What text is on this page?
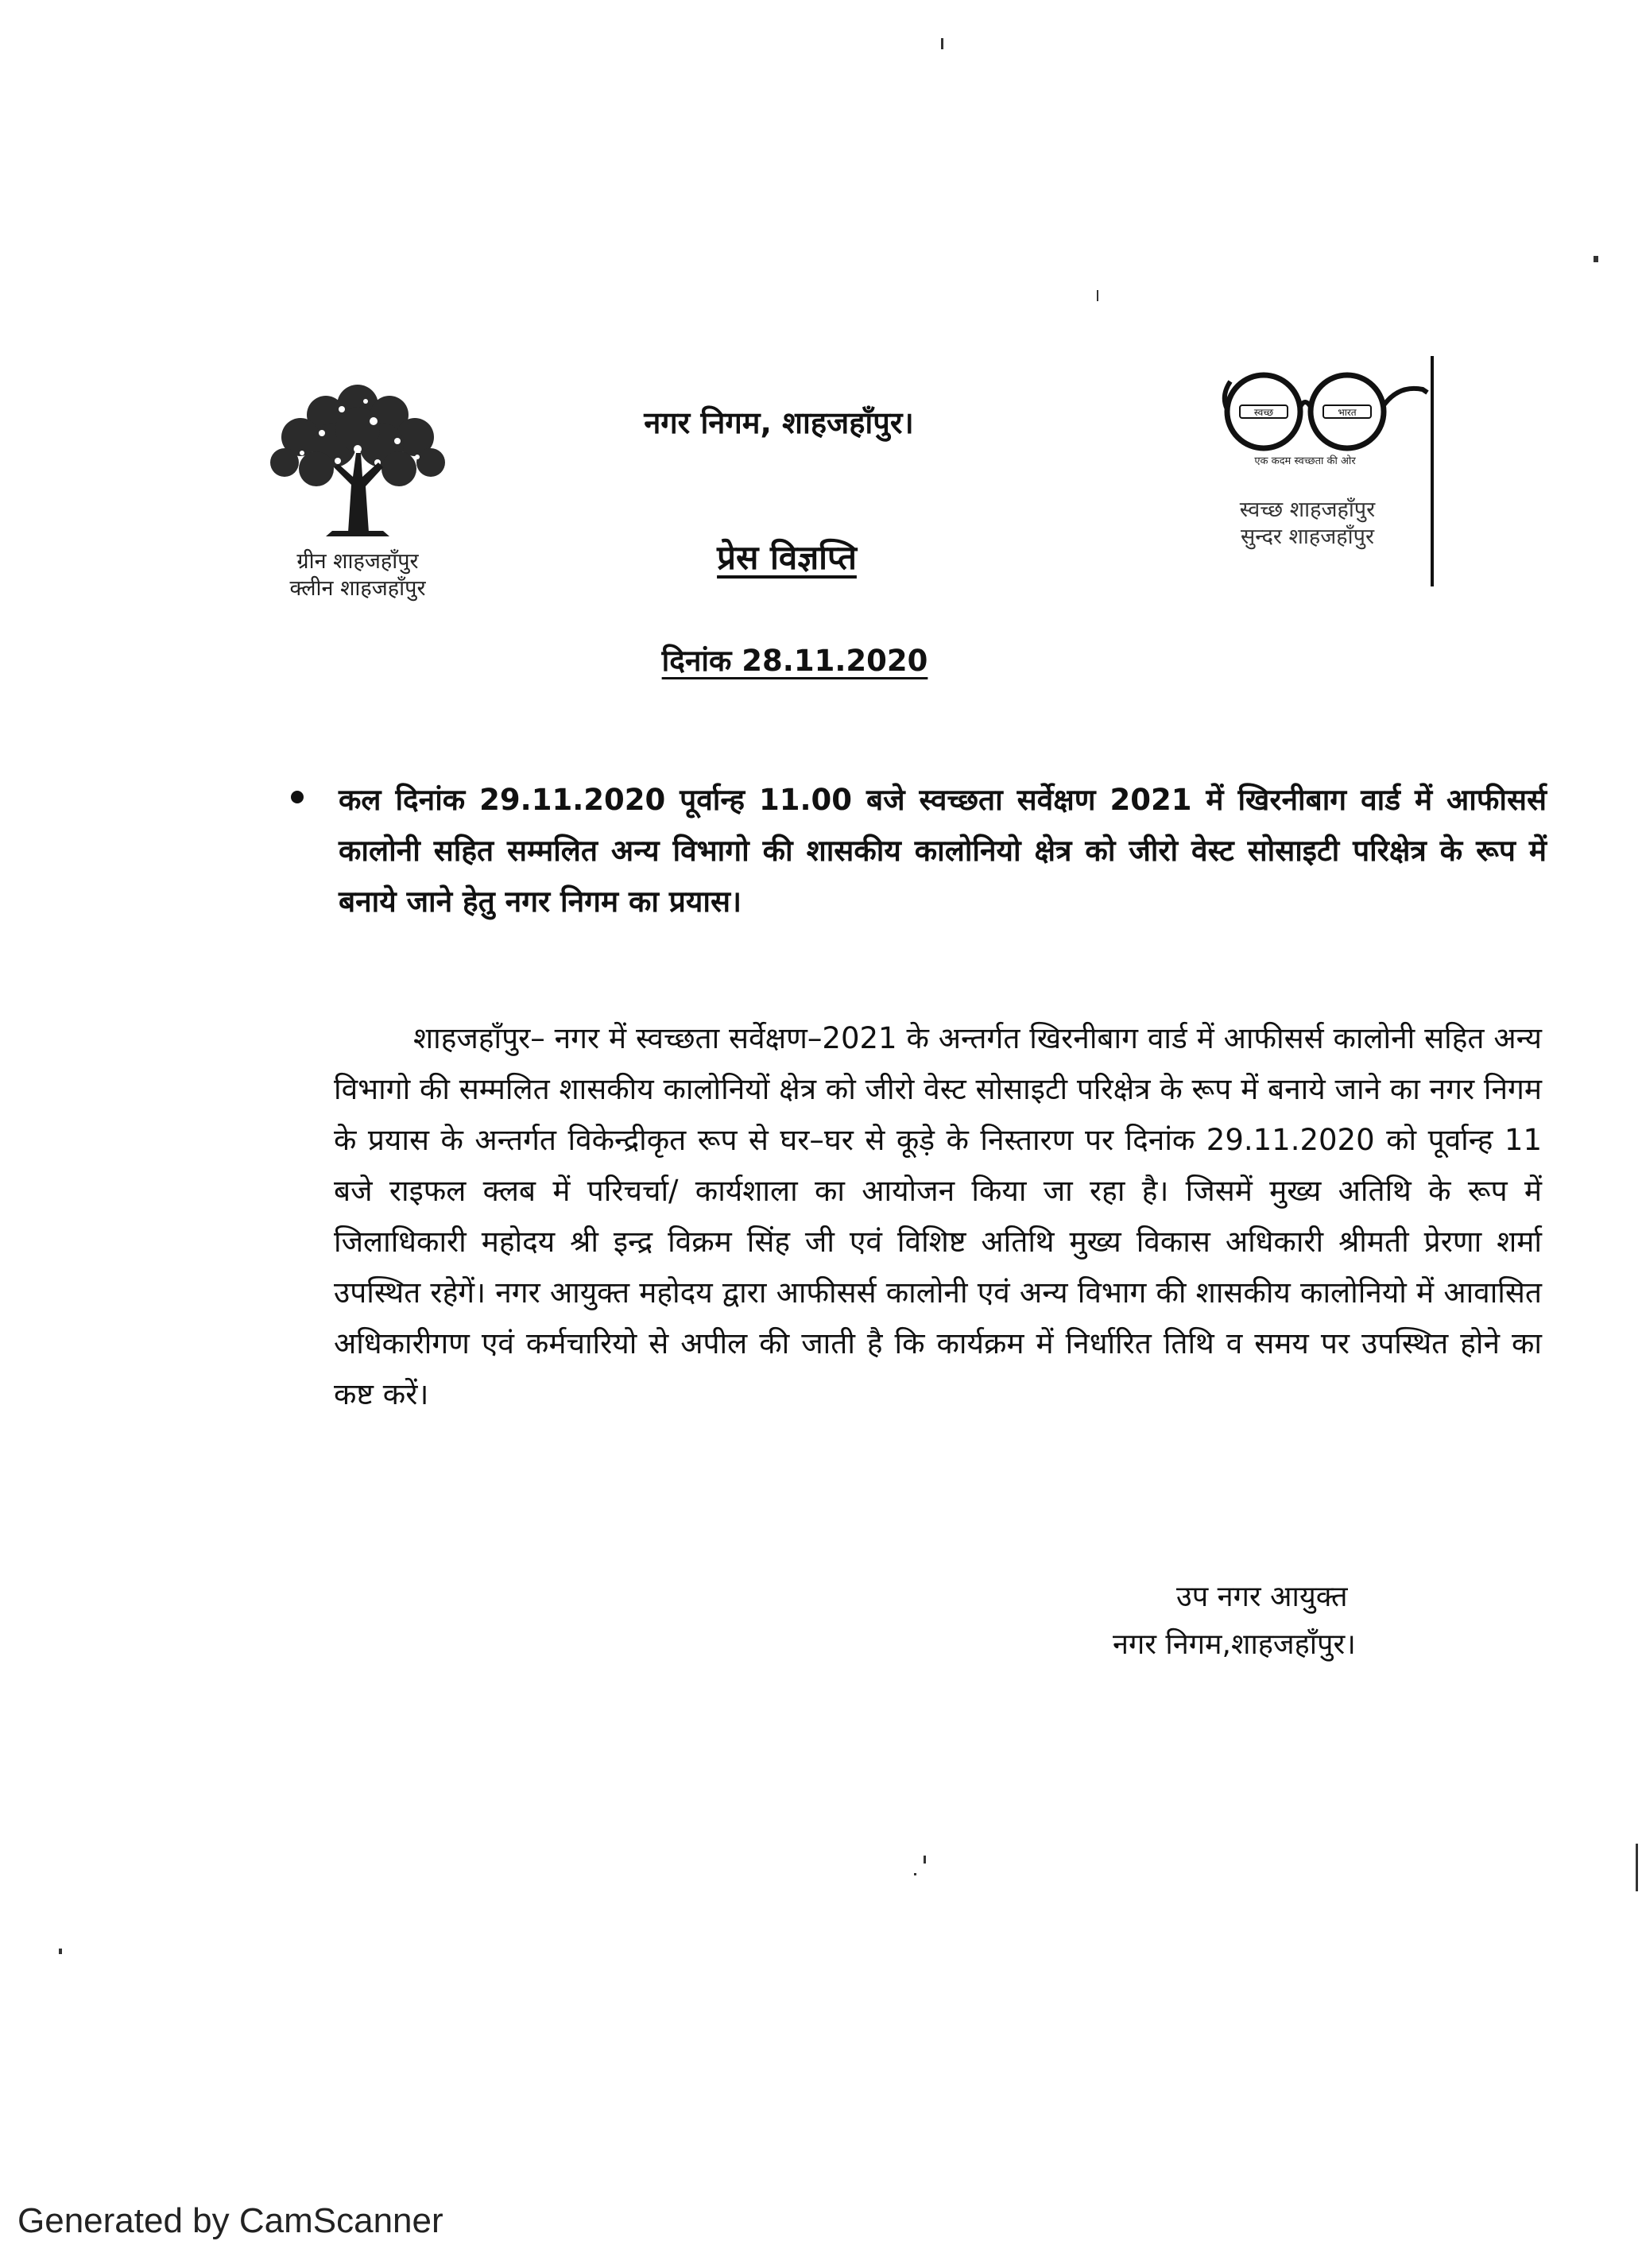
ग्रीन शाहजहाँपुर
क्लीन शाहजहाँपुर
स्वच्छ	भारत
एक कदम स्वच्छता की ओर
स्वच्छ शाहजहाँपुर
सुन्दर शाहजहाँपुर
नगर निगम, शाहजहाँपुर।
प्रेस विज्ञप्ति
दिनांक 28.11.2020

कल दिनांक 29.11.2020 पूर्वान्ह 11.00 बजे स्वच्छता सर्वेक्षण 2021 में खिरनीबाग वार्ड में आफीसर्स कालोनी सहित सम्मलित अन्य विभागो की शासकीय कालोनियो क्षेत्र को जीरो वेस्ट सोसाइटी परिक्षेत्र के रूप में बनाये जाने हेतु नगर निगम का प्रयास।

शाहजहाँपुर– नगर में स्वच्छता सर्वेक्षण–2021 के अन्तर्गत खिरनीबाग वार्ड में आफीसर्स कालोनी सहित अन्य विभागो की सम्मलित शासकीय कालोनियों क्षेत्र को जीरो वेस्ट सोसाइटी परिक्षेत्र के रूप में बनाये जाने का नगर निगम के प्रयास के अन्तर्गत विकेन्द्रीकृत रूप से घर–घर से कूड़े के निस्तारण पर दिनांक 29.11.2020 को पूर्वान्ह 11 बजे राइफल क्लब में परिचर्चा/ कार्यशाला का आयोजन किया जा रहा है। जिसमें मुख्य अतिथि के रूप में जिलाधिकारी महोदय श्री इन्द्र विक्रम सिंह जी एवं विशिष्ट अतिथि मुख्य विकास अधिकारी श्रीमती प्रेरणा शर्मा उपस्थित रहेगें। नगर आयुक्त महोदय द्वारा आफीसर्स कालोनी एवं अन्य विभाग की शासकीय कालोनियो में आवासित अधिकारीगण एवं कर्मचारियो से अपील की जाती है कि कार्यक्रम में निर्धारित तिथि व समय पर उपस्थित होने का कष्ट करें।

उप नगर आयुक्त
नगर निगम,शाहजहाँपुर।
Generated by CamScanner
